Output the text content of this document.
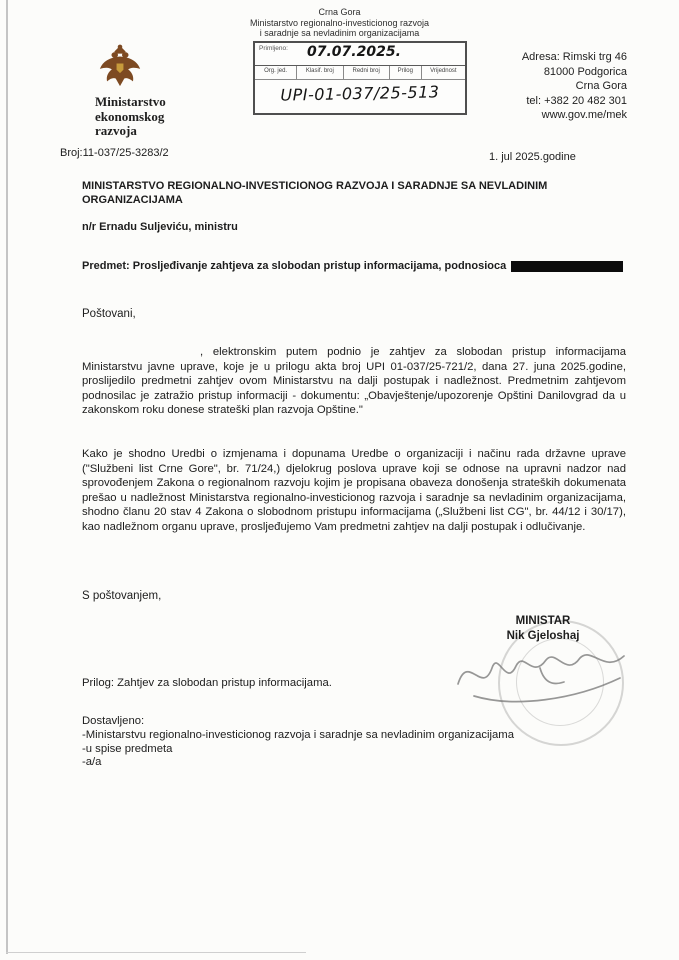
Crna Gora
Ministarstvo regionalno-investicionog razvoja
i saradnje sa nevladinim organizacijama
Primljeno: 07.07.2025.
Org. jed.	Klasif. broj	Redni broj	Prilog	Vrijednost
UPI-01-037/25-513
Ministarstvo
ekonomskog
razvoja
Adresa: Rimski trg 46
81000 Podgorica
Crna Gora
tel: +382 20 482 301
www.gov.me/mek
Broj:11-037/25-3283/2	1. jul 2025.godine
MINISTARSTVO REGIONALNO-INVESTICIONOG RAZVOJA I SARADNJE SA NEVLADINIM ORGANIZACIJAMA
n/r Ernadu Suljeviću, ministru
Predmet: Prosljeđivanje zahtjeva za slobodan pristup informacijama, podnosioca
Poštovani,
, elektronskim putem podnio je zahtjev za slobodan pristup informacijama Ministarstvu javne uprave, koje je u prilogu akta broj UPI 01-037/25-721/2, dana 27. juna 2025.godine, proslijedilo predmetni zahtjev ovom Ministarstvu na dalji postupak i nadležnost. Predmetnim zahtjevom podnosilac je zatražio pristup informaciji - dokumentu: „Obavještenje/upozorenje Opštini Danilovgrad da u zakonskom roku donese strateški plan razvoja Opštine."
Kako je shodno Uredbi o izmjenama i dopunama Uredbe o organizaciji i načinu rada državne uprave ("Službeni list Crne Gore", br. 71/24,) djelokrug poslova uprave koji se odnose na upravni nadzor nad sprovođenjem Zakona o regionalnom razvoju kojim je propisana obaveza donošenja strateških dokumenata prešao u nadležnost Ministarstva regionalno-investicionog razvoja i saradnje sa nevladinim organizacijama, shodno članu 20 stav 4 Zakona o slobodnom pristupu informacijama („Službeni list CG", br. 44/12 i 30/17), kao nadležnom organu uprave, prosljeđujemo Vam predmetni zahtjev na dalji postupak i odlučivanje.
S poštovanjem,
MINISTAR
Nik Gjeloshaj
Prilog: Zahtjev za slobodan pristup informacijama.
Dostavljeno:
-Ministarstvu regionalno-investicionog razvoja i saradnje sa nevladinim organizacijama
-u spise predmeta
-a/a
